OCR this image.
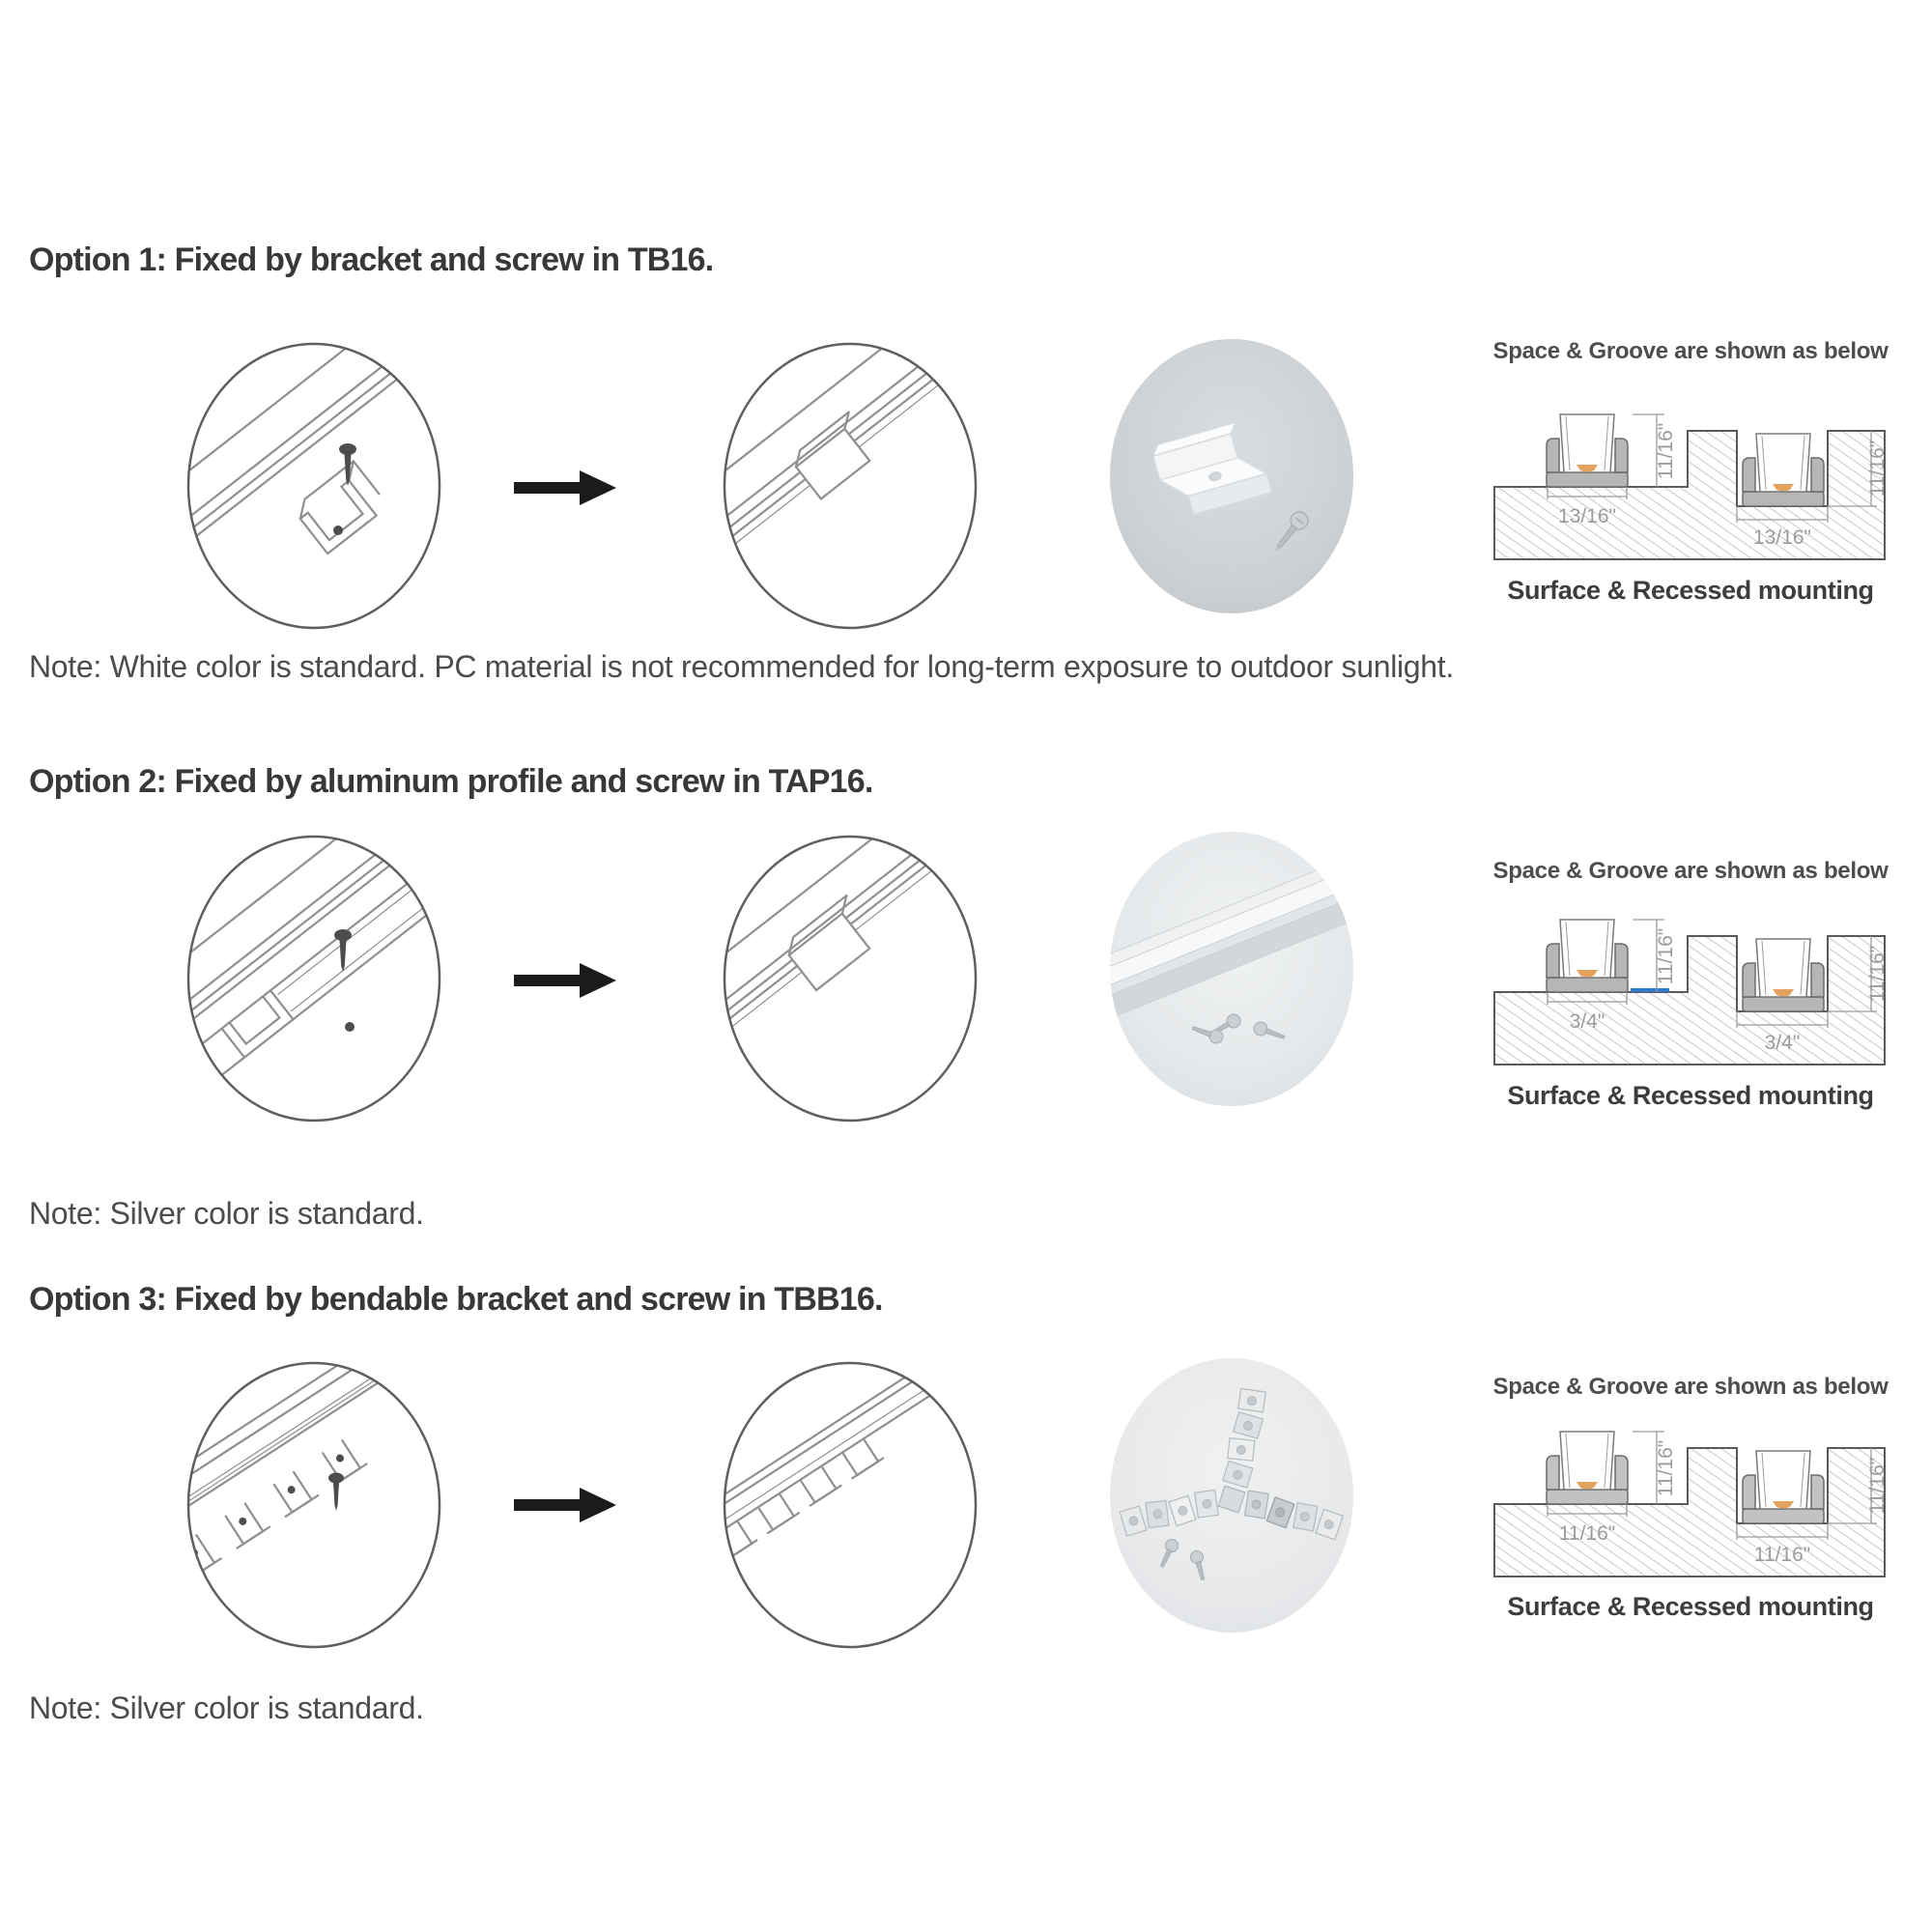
Option 1: Fixed by bracket and screw in TB16.
Space & Groove are shown as below
11/16"
13/16"
13/16"
11/16"
Surface & Recessed mounting
Note: White color is standard. PC material is not recommended for long-term exposure to outdoor sunlight.
Option 2: Fixed by aluminum profile and screw in TAP16.
Space & Groove are shown as below
11/16"
3/4"
3/4"
11/16"
Surface & Recessed mounting
Note: Silver color is standard.
Option 3: Fixed by bendable bracket and screw in TBB16.
Space & Groove are shown as below
11/16"
11/16"
11/16"
11/16"
Surface & Recessed mounting
Note: Silver color is standard.
